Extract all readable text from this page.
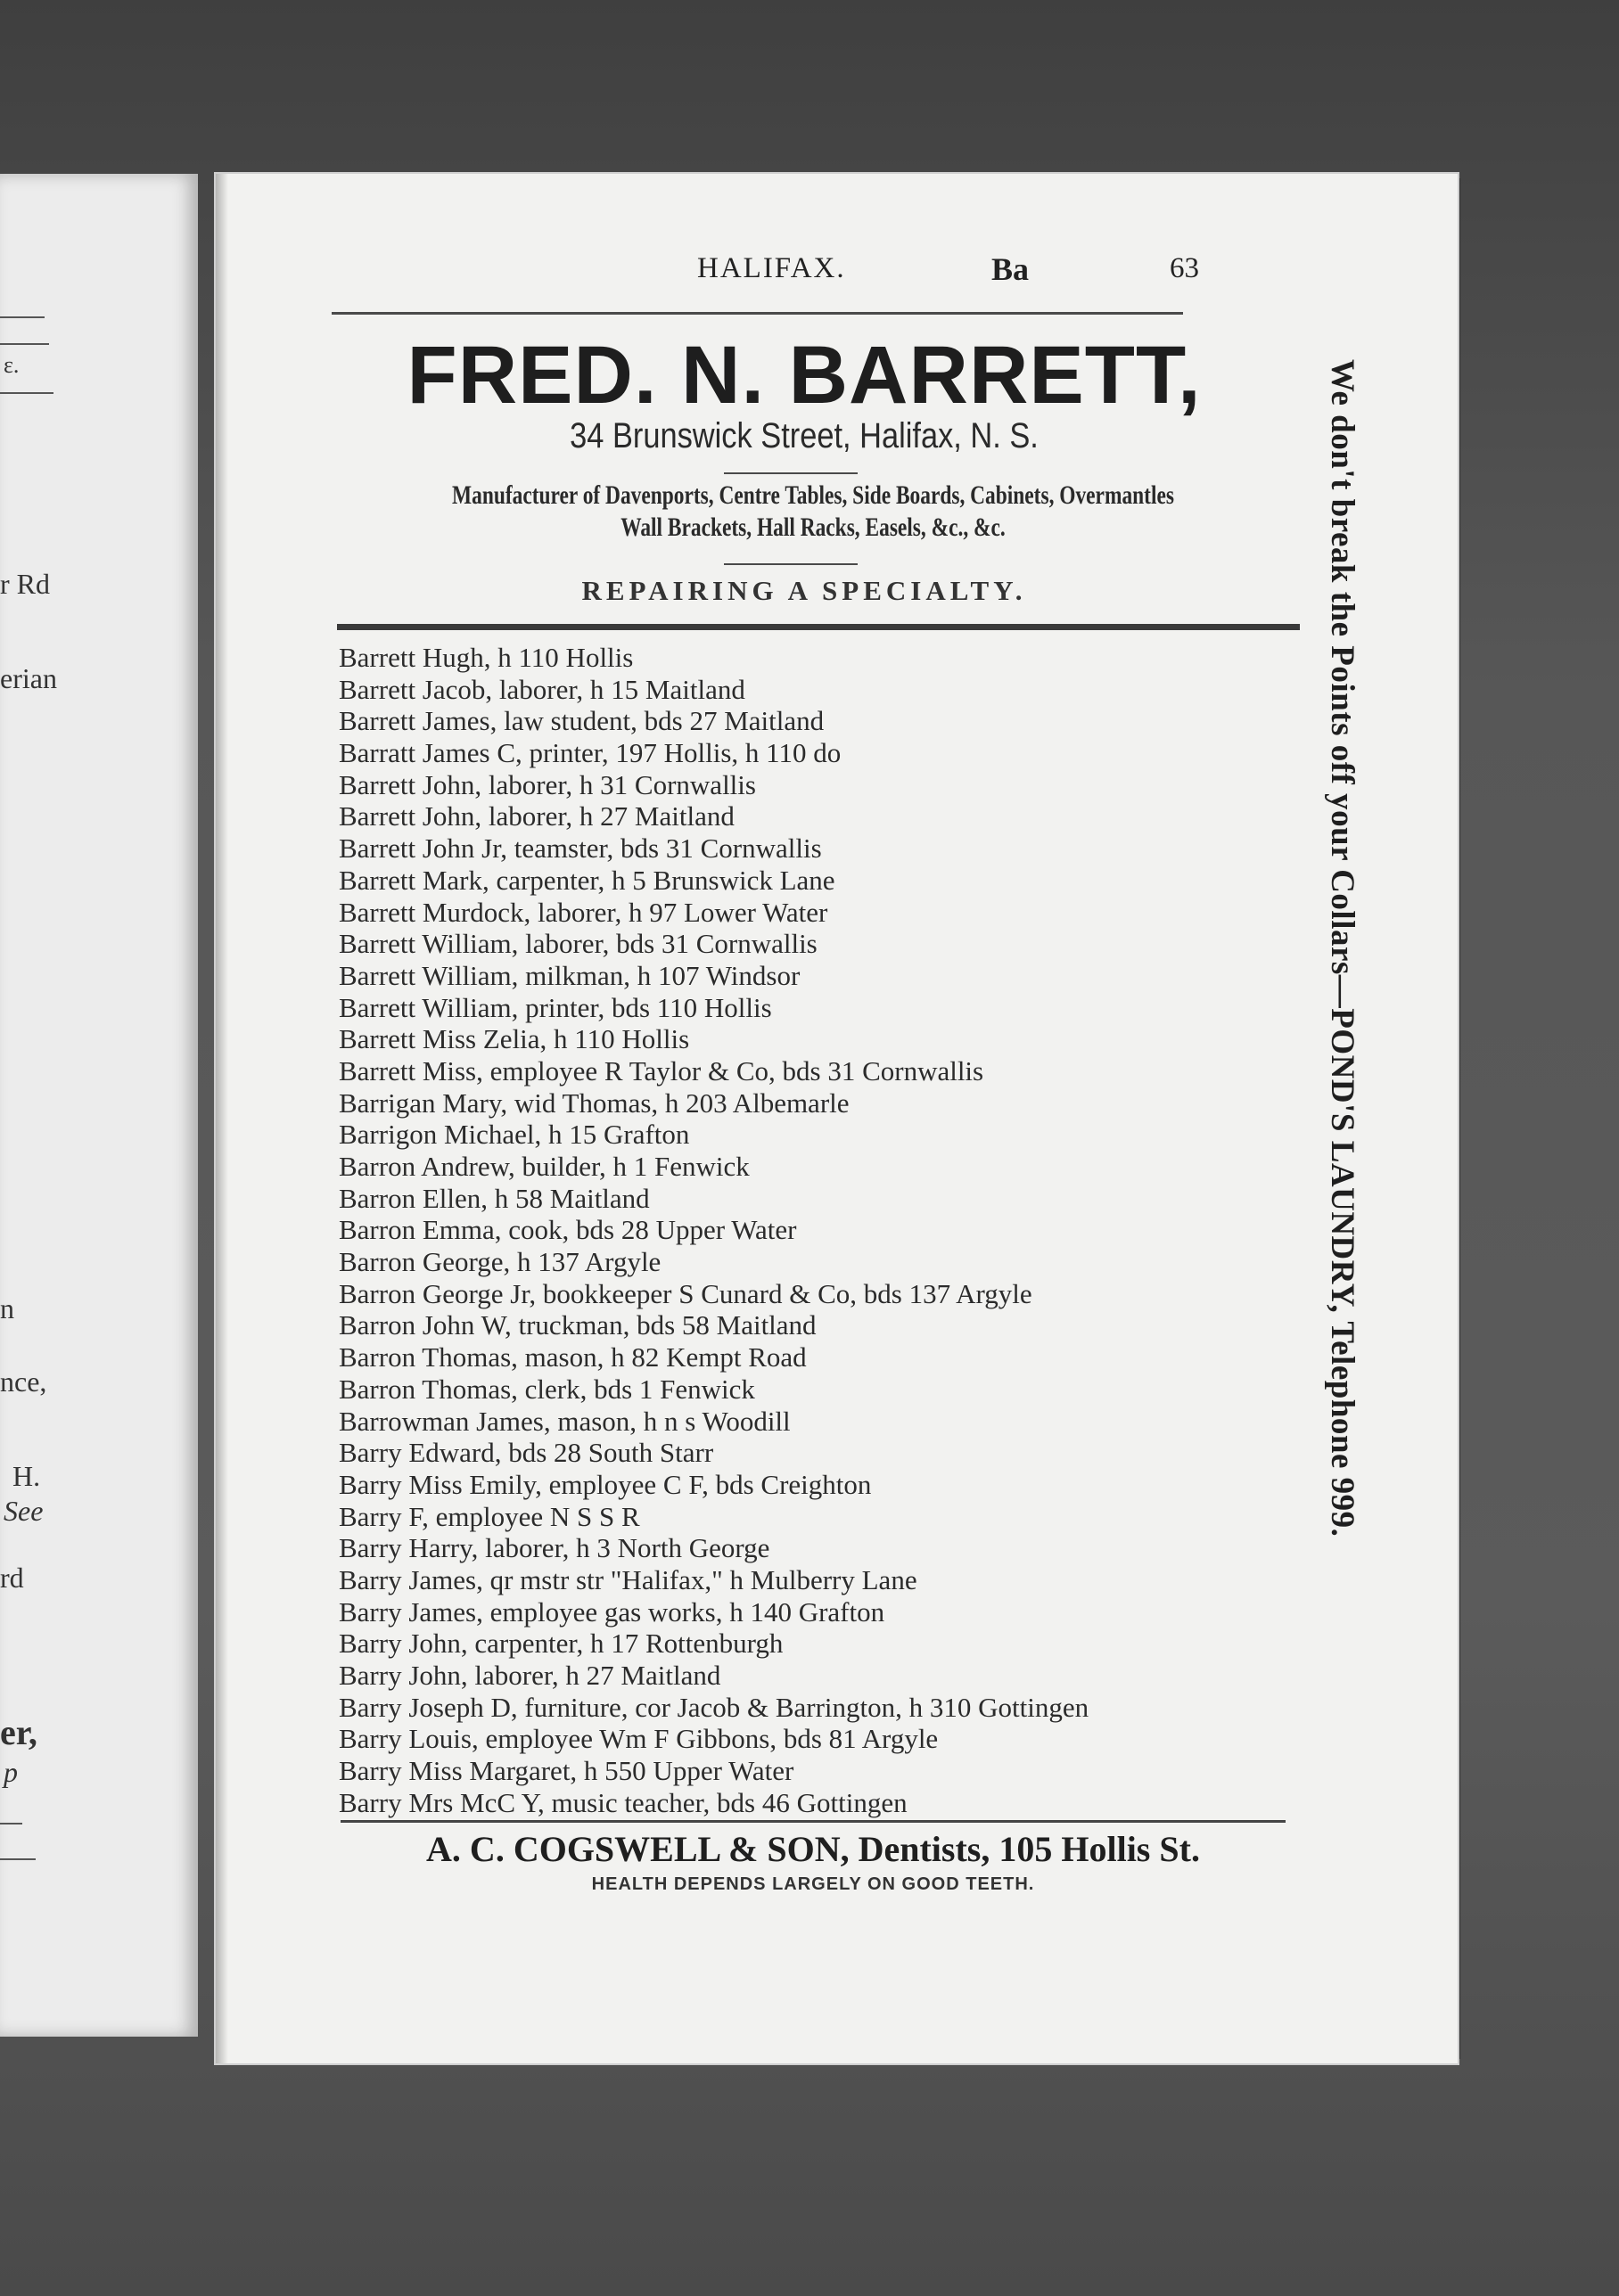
ɛ.
r Rd
erian
n
nce,
H.
See
rd
er,
p
HALIFAX.	Ba	63
FRED. N. BARRETT,
34 Brunswick Street, Halifax, N. S.
Manufacturer of Davenports, Centre Tables, Side Boards, Cabinets, Overmantles
Wall Brackets, Hall Racks, Easels, &c., &c.
REPAIRING A SPECIALTY.
Barrett Hugh, h 110 Hollis
Barrett Jacob, laborer, h 15 Maitland
Barrett James, law student, bds 27 Maitland
Barratt James C, printer, 197 Hollis, h 110 do
Barrett John, laborer, h 31 Cornwallis
Barrett John, laborer, h 27 Maitland
Barrett John Jr, teamster, bds 31 Cornwallis
Barrett Mark, carpenter, h 5 Brunswick Lane
Barrett Murdock, laborer, h 97 Lower Water
Barrett William, laborer, bds 31 Cornwallis
Barrett William, milkman, h 107 Windsor
Barrett William, printer, bds 110 Hollis
Barrett Miss Zelia, h 110 Hollis
Barrett Miss, employee R Taylor & Co, bds 31 Cornwallis
Barrigan Mary, wid Thomas, h 203 Albemarle
Barrigon Michael, h 15 Grafton
Barron Andrew, builder, h 1 Fenwick
Barron Ellen, h 58 Maitland
Barron Emma, cook, bds 28 Upper Water
Barron George, h 137 Argyle
Barron George Jr, bookkeeper S Cunard & Co, bds 137 Argyle
Barron John W, truckman, bds 58 Maitland
Barron Thomas, mason, h 82 Kempt Road
Barron Thomas, clerk, bds 1 Fenwick
Barrowman James, mason, h n s Woodill
Barry Edward, bds 28 South Starr
Barry Miss Emily, employee C F, bds Creighton
Barry F, employee N S S R
Barry Harry, laborer, h 3 North George
Barry James, qr mstr str "Halifax," h Mulberry Lane
Barry James, employee gas works, h 140 Grafton
Barry John, carpenter, h 17 Rottenburgh
Barry John, laborer, h 27 Maitland
Barry Joseph D, furniture, cor Jacob & Barrington, h 310 Gottingen
Barry Louis, employee Wm F Gibbons, bds 81 Argyle
Barry Miss Margaret, h 550 Upper Water
Barry Mrs McC Y, music teacher, bds 46 Gottingen
We don't break the Points off your Collars—POND'S LAUNDRY, Telephone 999.
A. C. COGSWELL & SON, Dentists, 105 Hollis St.
HEALTH DEPENDS LARGELY ON GOOD TEETH.
